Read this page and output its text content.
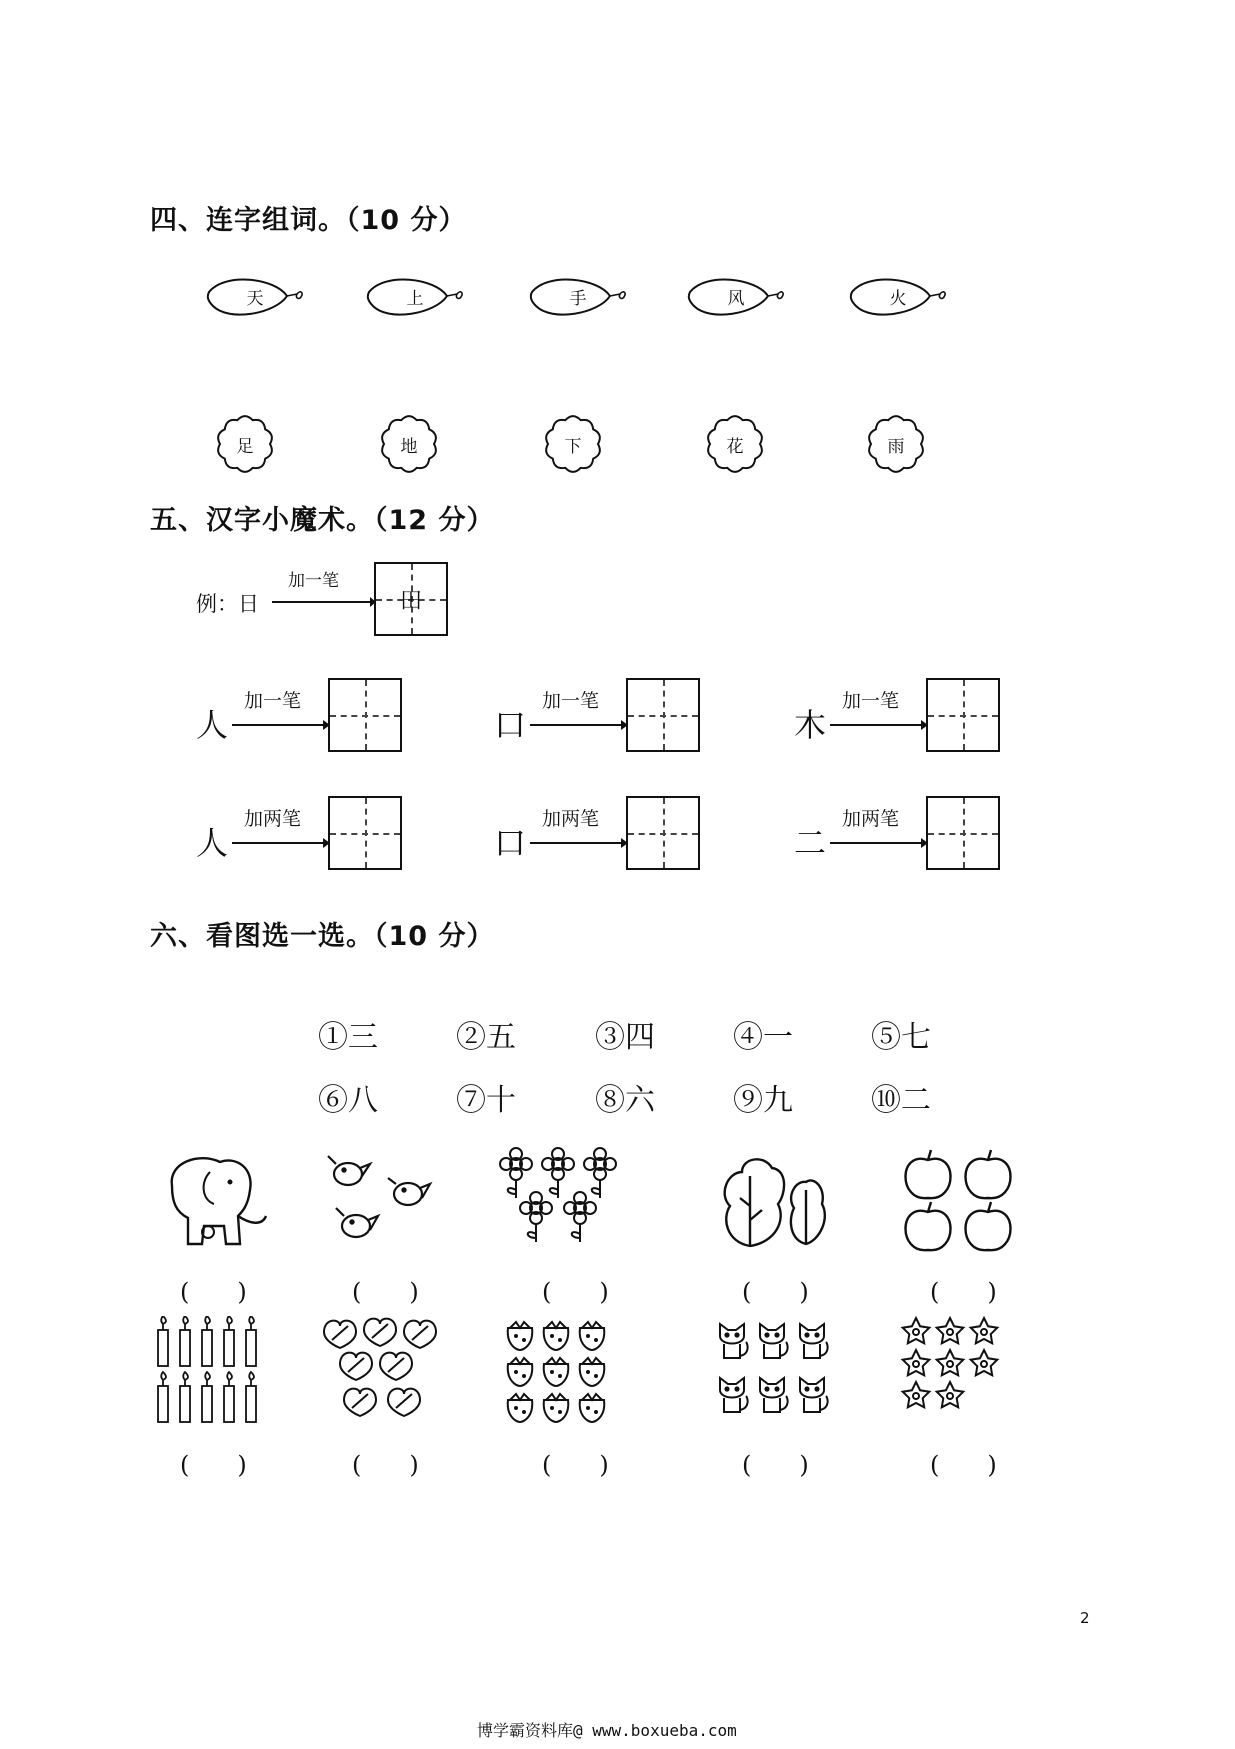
四、连字组词。（10 分）
天	上	手	风	火
足	地	下	花	雨
五、汉字小魔术。（12 分）
例：日
加一笔
田
人
加一笔
口
加一笔
木
加一笔
人
加两笔
口
加两笔
二
加两笔
六、看图选一选。（10 分）
①三	②五	③四	④一	⑤七
⑥八	⑦十	⑧六	⑨九	⑩二
(　　)	(　　)	(　　)	(　　)	(　　)
(　　)	(　　)	(　　)	(　　)	(　　)
2
博学霸资料库@ www.boxueba.com
